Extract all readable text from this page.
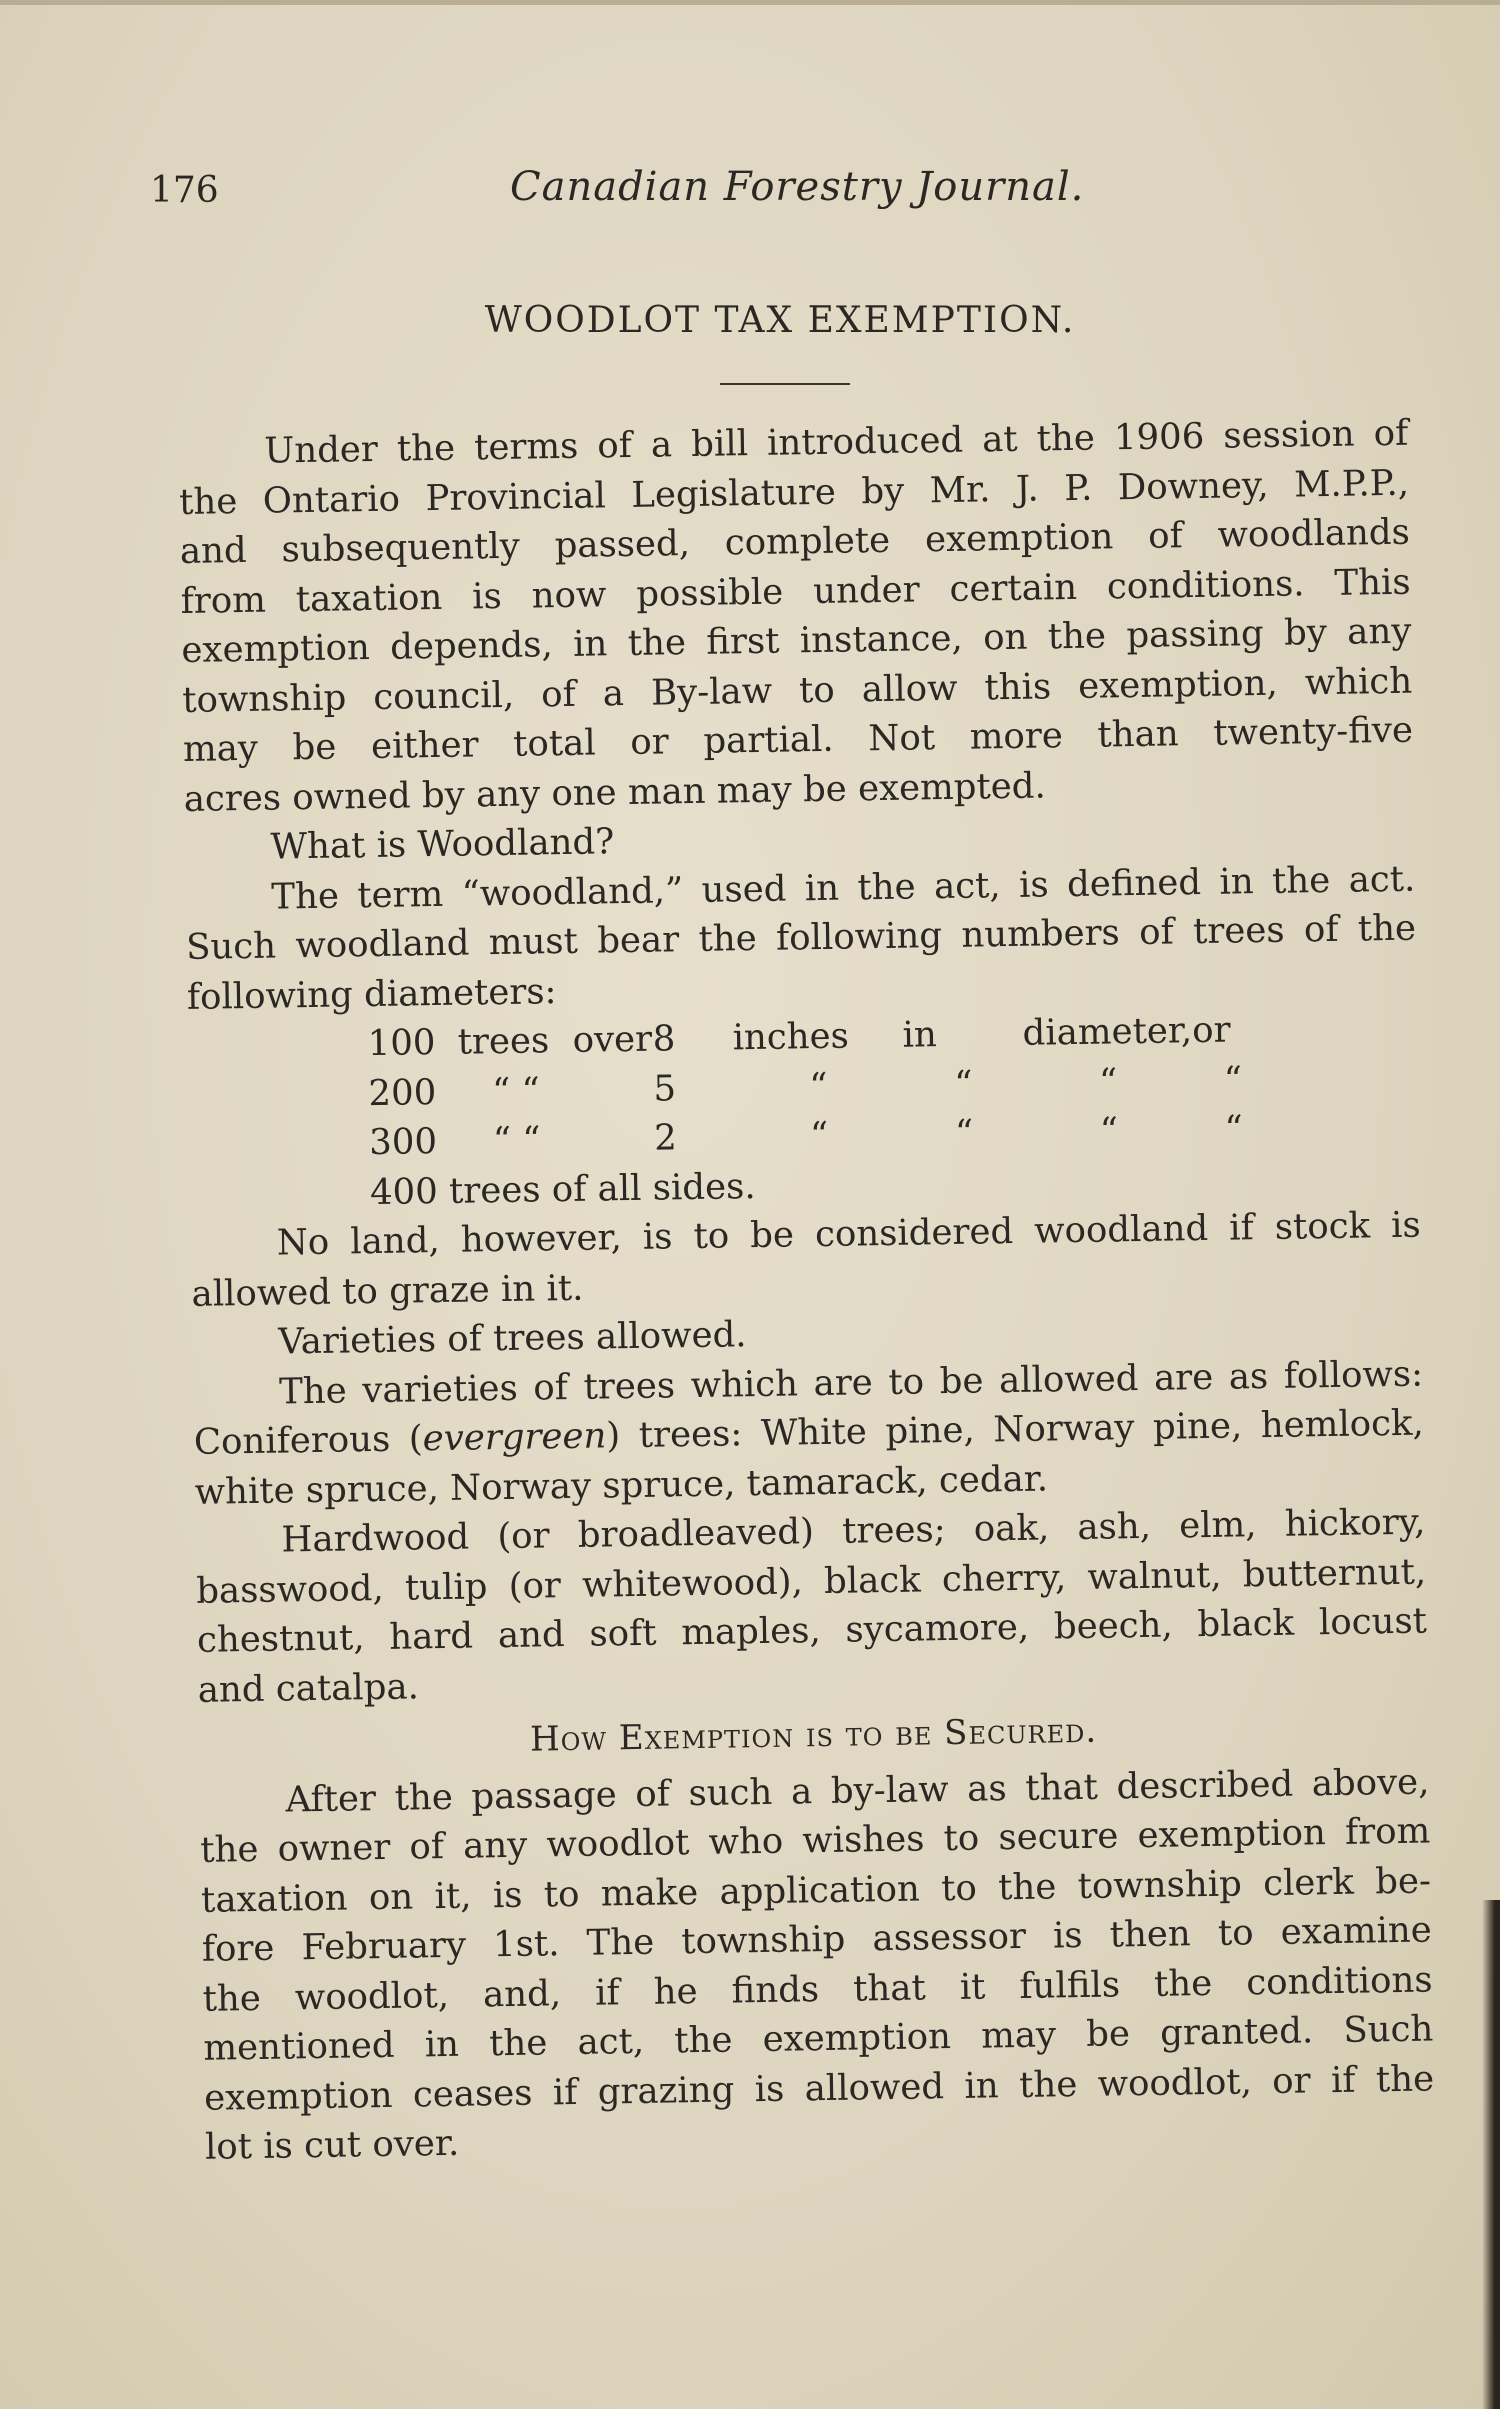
176	Canadian Forestry Journal.
WOODLOT TAX EXEMPTION.
Under the terms of a bill introduced at the 1906 session of
the Ontario Provincial Legislature by Mr. J. P. Downey, M.P.P.,
and subsequently passed, complete exemption of woodlands
from taxation is now possible under certain conditions. This
exemption depends, in the first instance, on the passing by any
township council, of a By-law to allow this exemption, which
may be either total or partial. Not more than twenty-five
acres owned by any one man may be exempted.
What is Woodland?
The term “woodland,” used in the act, is defined in the act.
Such woodland must bear the following numbers of trees of the
following diameters:
100	trees	over	8	inches	in	diameter,	or
200	“ “		5	“	“	“	“
300	“ “		2	“	“	“	“
400 trees of all sides.
No land, however, is to be considered woodland if stock is
allowed to graze in it.
Varieties of trees allowed.
The varieties of trees which are to be allowed are as follows:
Coniferous (evergreen) trees: White pine, Norway pine, hemlock,
white spruce, Norway spruce, tamarack, cedar.
Hardwood (or broadleaved) trees; oak, ash, elm, hickory,
basswood, tulip (or whitewood), black cherry, walnut, butternut,
chestnut, hard and soft maples, sycamore, beech, black locust
and catalpa.
How Exemption is to be Secured.
After the passage of such a by-law as that described above,
the owner of any woodlot who wishes to secure exemption from
taxation on it, is to make application to the township clerk be-
fore February 1st. The township assessor is then to examine
the woodlot, and, if he finds that it fulfils the conditions
mentioned in the act, the exemption may be granted. Such
exemption ceases if grazing is allowed in the woodlot, or if the
lot is cut over.
